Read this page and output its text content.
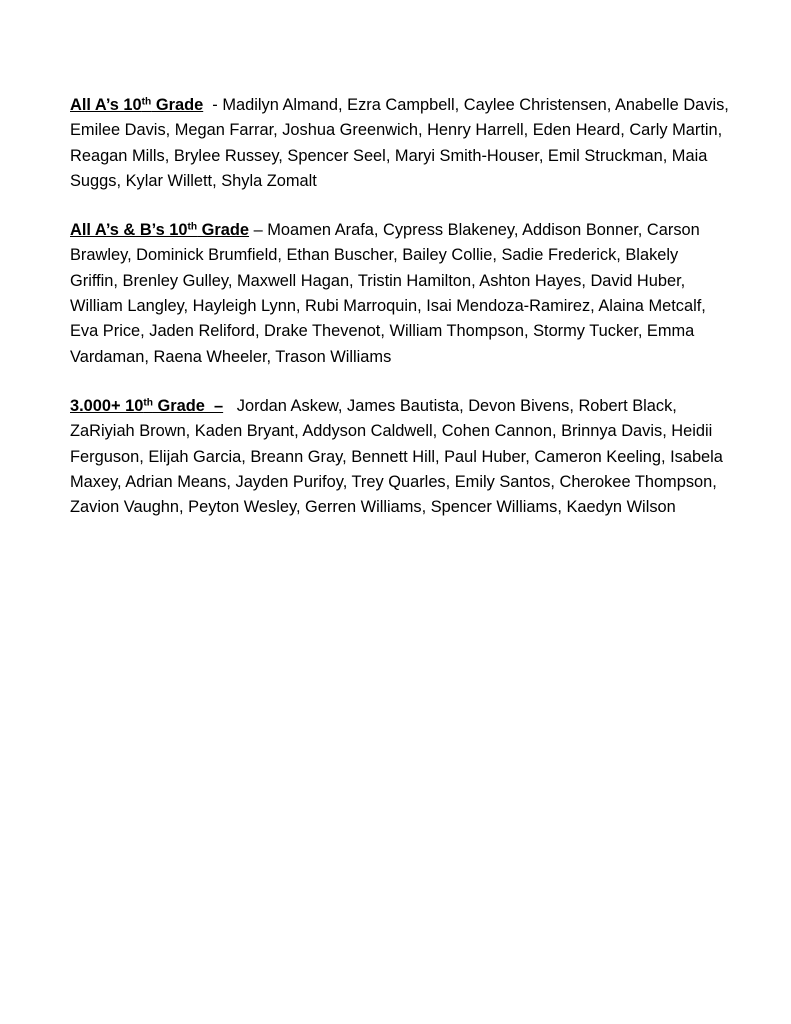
All A’s 10th Grade  - Madilyn Almand, Ezra Campbell, Caylee Christensen, Anabelle Davis, Emilee Davis, Megan Farrar, Joshua Greenwich, Henry Harrell, Eden Heard, Carly Martin, Reagan Mills, Brylee Russey, Spencer Seel, Maryi Smith-Houser, Emil Struckman, Maia Suggs, Kylar Willett, Shyla Zomalt

All A’s & B’s 10th Grade – Moamen Arafa, Cypress Blakeney, Addison Bonner, Carson Brawley, Dominick Brumfield, Ethan Buscher, Bailey Collie, Sadie Frederick, Blakely Griffin, Brenley Gulley, Maxwell Hagan, Tristin Hamilton, Ashton Hayes, David Huber, William Langley, Hayleigh Lynn, Rubi Marroquin, Isai Mendoza-Ramirez, Alaina Metcalf, Eva Price, Jaden Reliford, Drake Thevenot, William Thompson, Stormy Tucker, Emma Vardaman, Raena Wheeler, Trason Williams

3.000+ 10th Grade  – Jordan Askew, James Bautista, Devon Bivens, Robert Black, ZaRiyiah Brown, Kaden Bryant, Addyson Caldwell, Cohen Cannon, Brinnya Davis, Heidii Ferguson, Elijah Garcia, Breann Gray, Bennett Hill, Paul Huber, Cameron Keeling, Isabela Maxey, Adrian Means, Jayden Purifoy, Trey Quarles, Emily Santos, Cherokee Thompson, Zavion Vaughn, Peyton Wesley, Gerren Williams, Spencer Williams, Kaedyn Wilson
